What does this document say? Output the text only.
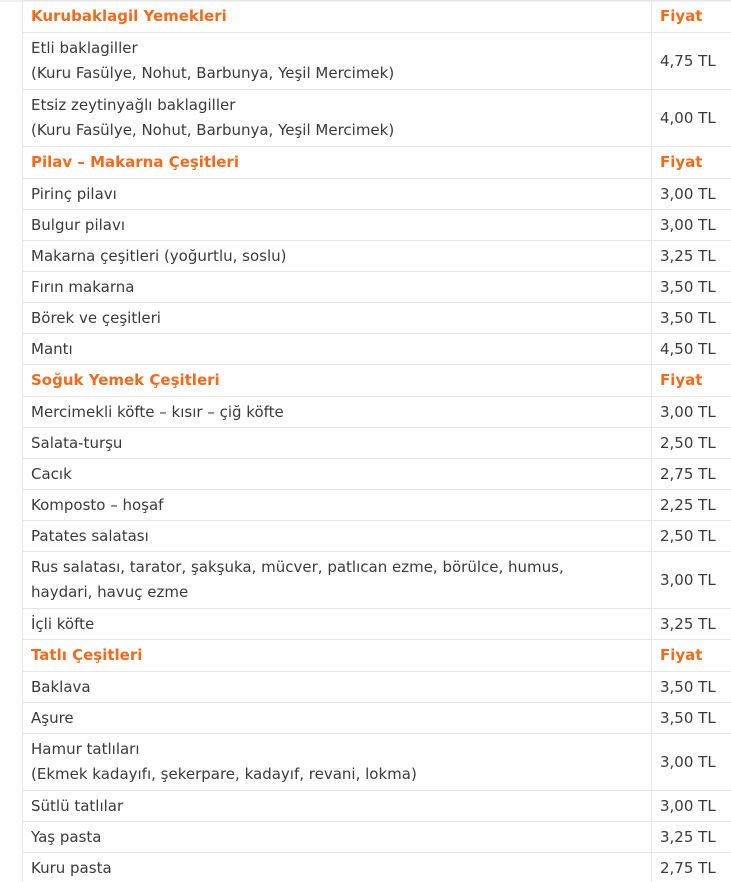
Kurubaklagil Yemekleri	Fiyat

Etli baklagiller
(Kuru Fasülye, Nohut, Barbunya, Yeşil Mercimek)	4,75 TL

Etsiz zeytinyağlı baklagiller
(Kuru Fasülye, Nohut, Barbunya, Yeşil Mercimek)	4,00 TL
Pilav – Makarna Çeşitleri	Fiyat
Pirinç pilavı	3,00 TL
Bulgur pilavı	3,00 TL
Makarna çeşitleri (yoğurtlu, soslu)	3,25 TL
Fırın makarna	3,50 TL
Börek ve çeşitleri	3,50 TL
Mantı	4,50 TL
Soğuk Yemek Çeşitleri	Fiyat
Mercimekli köfte – kısır – çiğ köfte	3,00 TL
Salata-turşu	2,50 TL
Cacık	2,75 TL
Komposto – hoşaf	2,25 TL
Patates salatası	2,50 TL

Rus salatası, tarator, şakşuka, mücver, patlıcan ezme, börülce, humus,
haydari, havuç ezme	3,00 TL
İçli köfte	3,25 TL
Tatlı Çeşitleri	Fiyat
Baklava	3,50 TL
Aşure	3,50 TL

Hamur tatlıları
(Ekmek kadayıfı, şekerpare, kadayıf, revani, lokma)	3,00 TL
Sütlü tatlılar	3,00 TL
Yaş pasta	3,25 TL
Kuru pasta	2,75 TL
